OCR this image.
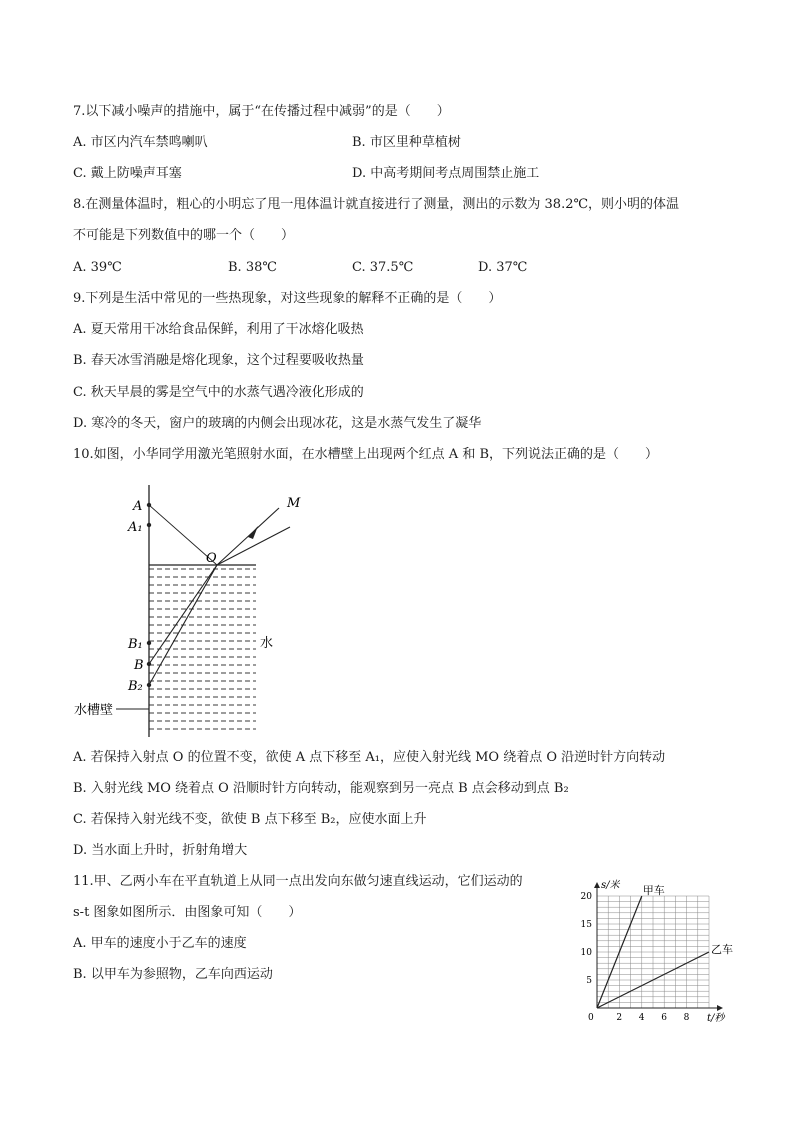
7.以下减小噪声的措施中，属于“在传播过程中减弱”的是（　　）
A. 市区内汽车禁鸣喇叭	B. 市区里种草植树
C. 戴上防噪声耳塞	D. 中高考期间考点周围禁止施工
8.在测量体温时，粗心的小明忘了甩一甩体温计就直接进行了测量，测出的示数为 38.2℃，则小明的体温
不可能是下列数值中的哪一个（　　）
A. 39℃	B. 38℃	C. 37.5℃	D. 37℃
9.下列是生活中常见的一些热现象，对这些现象的解释不正确的是（　　）
A. 夏天常用干冰给食品保鲜，利用了干冰熔化吸热
B. 春天冰雪消融是熔化现象，这个过程要吸收热量
C. 秋天早晨的雾是空气中的水蒸气遇冷液化形成的
D. 寒冷的冬天，窗户的玻璃的内侧会出现冰花，这是水蒸气发生了凝华
10.如图，小华同学用激光笔照射水面，在水槽壁上出现两个红点 A 和 B，下列说法正确的是（　　）
A
A₁
M
O
B₁
B
B₂
水
水槽壁
A. 若保持入射点 O 的位置不变，欲使 A 点下移至 A₁，应使入射光线 MO 绕着点 O 沿逆时针方向转动
B. 入射光线 MO 绕着点 O 沿顺时针方向转动，能观察到另一亮点 B 点会移动到点 B₂
C. 若保持入射光线不变，欲使 B 点下移至 B₂，应使水面上升
D. 当水面上升时，折射角增大
11.甲、乙两小车在平直轨道上从同一点出发向东做匀速直线运动，它们运动的
s-t 图象如图所示．由图象可知（　　）
A. 甲车的速度小于乙车的速度
B. 以甲车为参照物，乙车向西运动
0	2 4 6 8
5
10
15
20
s/米
t/秒
甲车
乙车
